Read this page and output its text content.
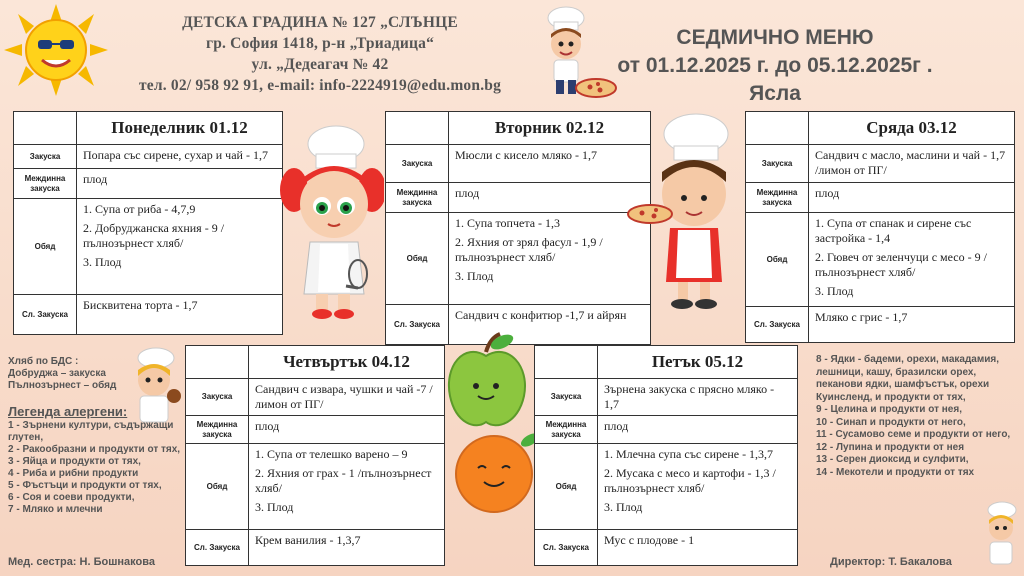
ДЕТСКА ГРАДИНА № 127 „СЛЪНЦЕ
гр. София 1418, р-н „Триадица“
ул. „Дедеагач № 42
тел. 02/ 958 92 91, e-mail: info-2224919@edu.mon.bg
СЕДМИЧНО МЕНЮ
от 01.12.2025 г. до 05.12.2025г .
Ясла
	Понеделник 01.12
Закуска	Попара със сирене, сухар и чай - 1,7
Междинна закуска	плод
Обяд	1. Супа от риба - 4,7,9

2. Добруджанска яхния - 9 / пълнозърнест хляб/

3. Плод

Сл. Закуска	Бисквитена торта - 1,7
	Вторник 02.12
Закуска	Мюсли с кисело мляко - 1,7
Междинна закуска	плод
Обяд	1. Супа топчета - 1,3

2. Яхния от зрял фасул - 1,9 /пълнозърнест хляб/

3. Плод

Сл. Закуска	Сандвич с конфитюр -1,7 и айрян
	Сряда 03.12
Закуска	Сандвич с масло, маслини и чай - 1,7 /лимон от ПГ/
Междинна закуска	плод
Обяд	1. Супа от спанак и сирене със застройка - 1,4

2. Гювеч от зеленчуци с месо - 9 /пълнозърнест хляб/

3. Плод

Сл. Закуска	Мляко с грис - 1,7
Хляб по БДС :
Добруджа – закуска
Пълнозърнест – обяд
Легенда алергени:
1 - Зърнени култури, съдържащи глутен,
2 - Ракообразни и продукти от тях,
3 - Яйца и продукти от тях,
4 - Риба и рибни продукти
5 - Фъстъци и продукти от тях,
6 - Соя и соеви продукти,
7 - Мляко и млечни
Мед. сестра: Н. Бошнакова
	Четвъртък 04.12
Закуска	Сандвич с извара, чушки и чай -7 /лимон от ПГ/
Междинна закуска	плод
Обяд	1. Супа от телешко варено – 9

2. Яхния от грах - 1 /пълнозърнест хляб/

3. Плод

Сл. Закуска	Крем ванилия - 1,3,7
	Петък 05.12
Закуска	Зърнена закуска с прясно мляко - 1,7
Междинна закуска	плод
Обяд	1. Млечна супа със сирене - 1,3,7

2. Мусака с месо и картофи - 1,3 /пълнозърнест хляб/

3. Плод

Сл. Закуска	Мус с плодове - 1
8 - Ядки - бадеми, орехи, макадамия, лешници, кашу, бразилски орех, пеканови ядки, шамфъстък, орехи Куинсленд, и продукти от тях,
9 - Целина и продукти от нея,
10 - Синап и продукти от него,
11 - Сусамово семе и продукти от него,
12 - Лупина и продукти от нея
13 - Серен диоксид и сулфити,
14 - Мекотели и продукти от тях
Директор: Т. Бакалова
